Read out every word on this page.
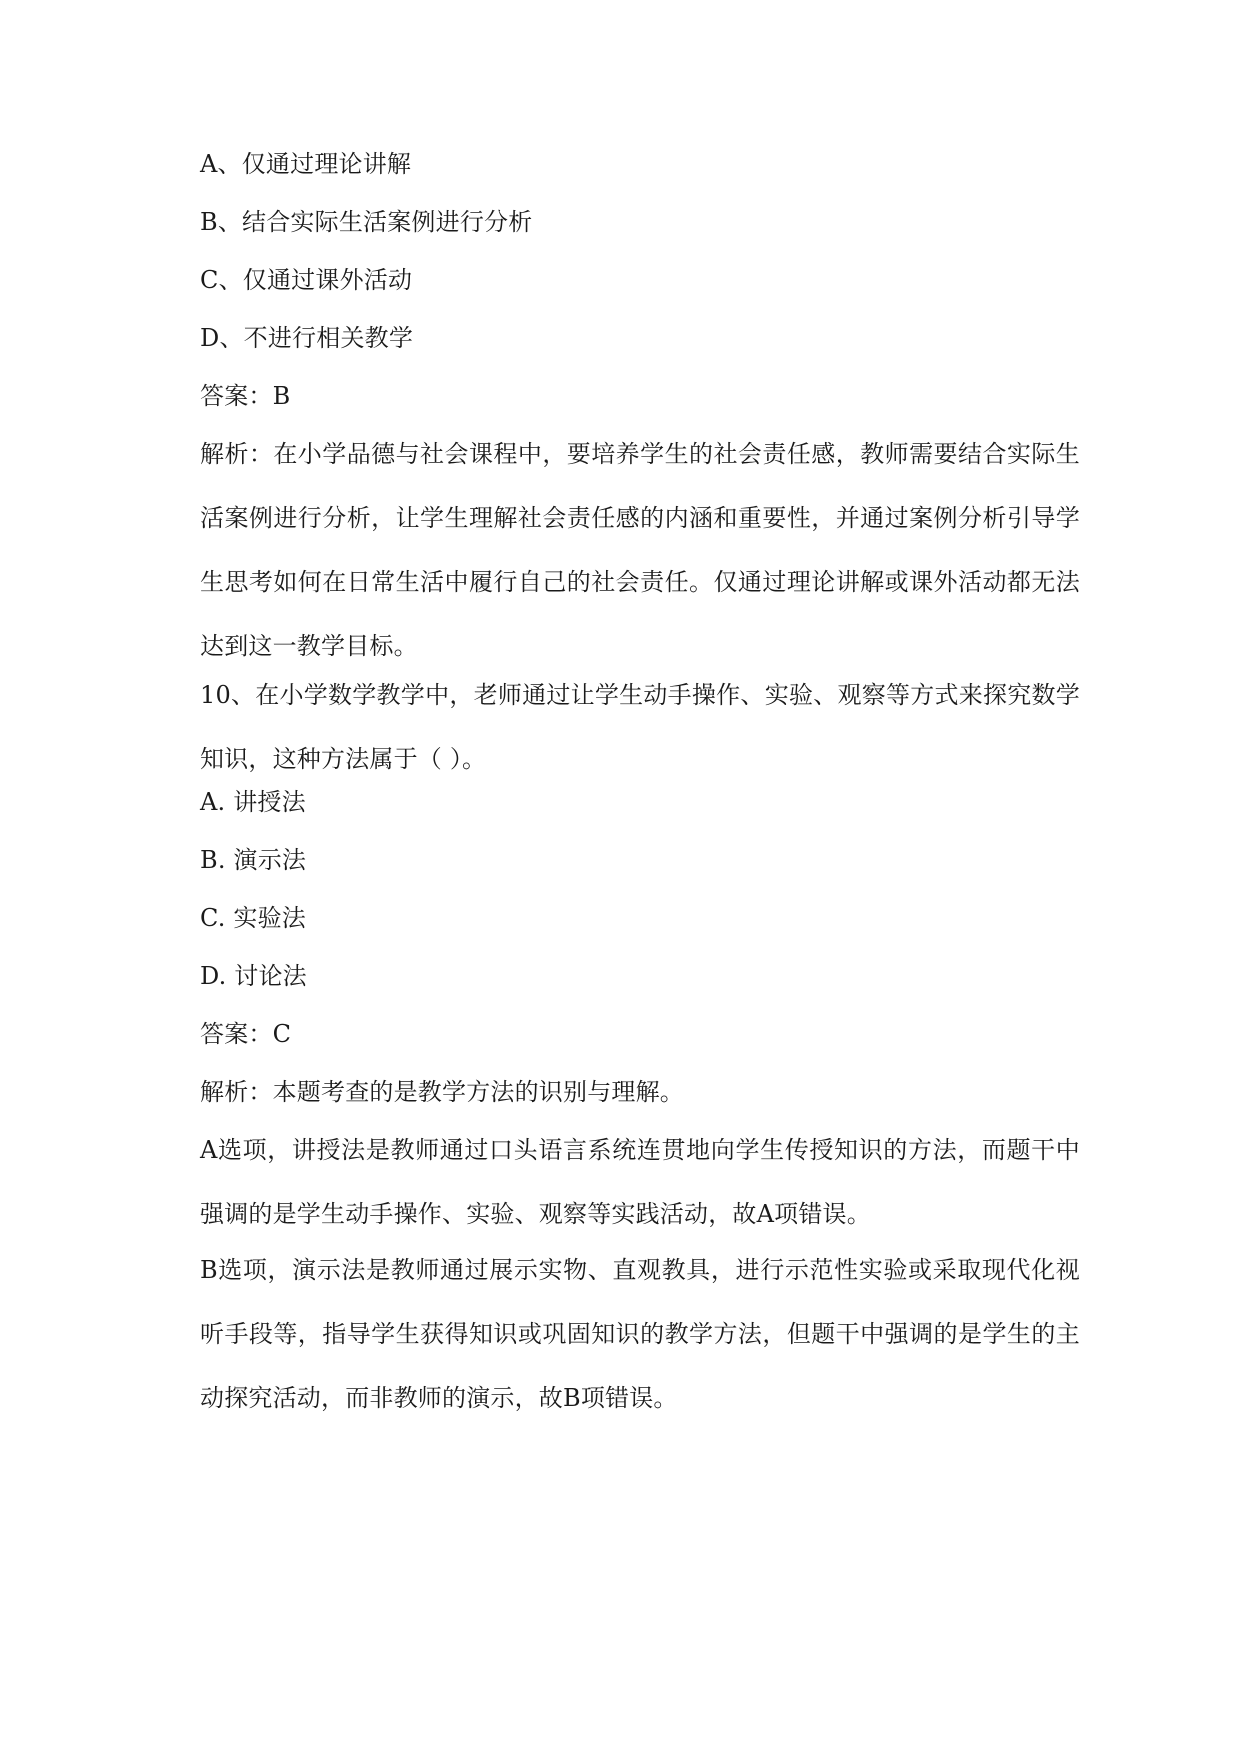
A、仅通过理论讲解
B、结合实际生活案例进行分析
C、仅通过课外活动
D、不进行相关教学
答案：B
解析：在小学品德与社会课程中，要培养学生的社会责任感，教师需要结合实际生活案例进行分析，让学生理解社会责任感的内涵和重要性，并通过案例分析引导学生思考如何在日常生活中履行自己的社会责任。仅通过理论讲解或课外活动都无法达到这一教学目标。
10、在小学数学教学中，老师通过让学生动手操作、实验、观察等方式来探究数学知识，这种方法属于（ ）。
A. 讲授法
B. 演示法
C. 实验法
D. 讨论法
答案：C
解析：本题考查的是教学方法的识别与理解。
A选项，讲授法是教师通过口头语言系统连贯地向学生传授知识的方法，而题干中强调的是学生动手操作、实验、观察等实践活动，故A项错误。
B选项，演示法是教师通过展示实物、直观教具，进行示范性实验或采取现代化视听手段等，指导学生获得知识或巩固知识的教学方法，但题干中强调的是学生的主动探究活动，而非教师的演示，故B项错误。
